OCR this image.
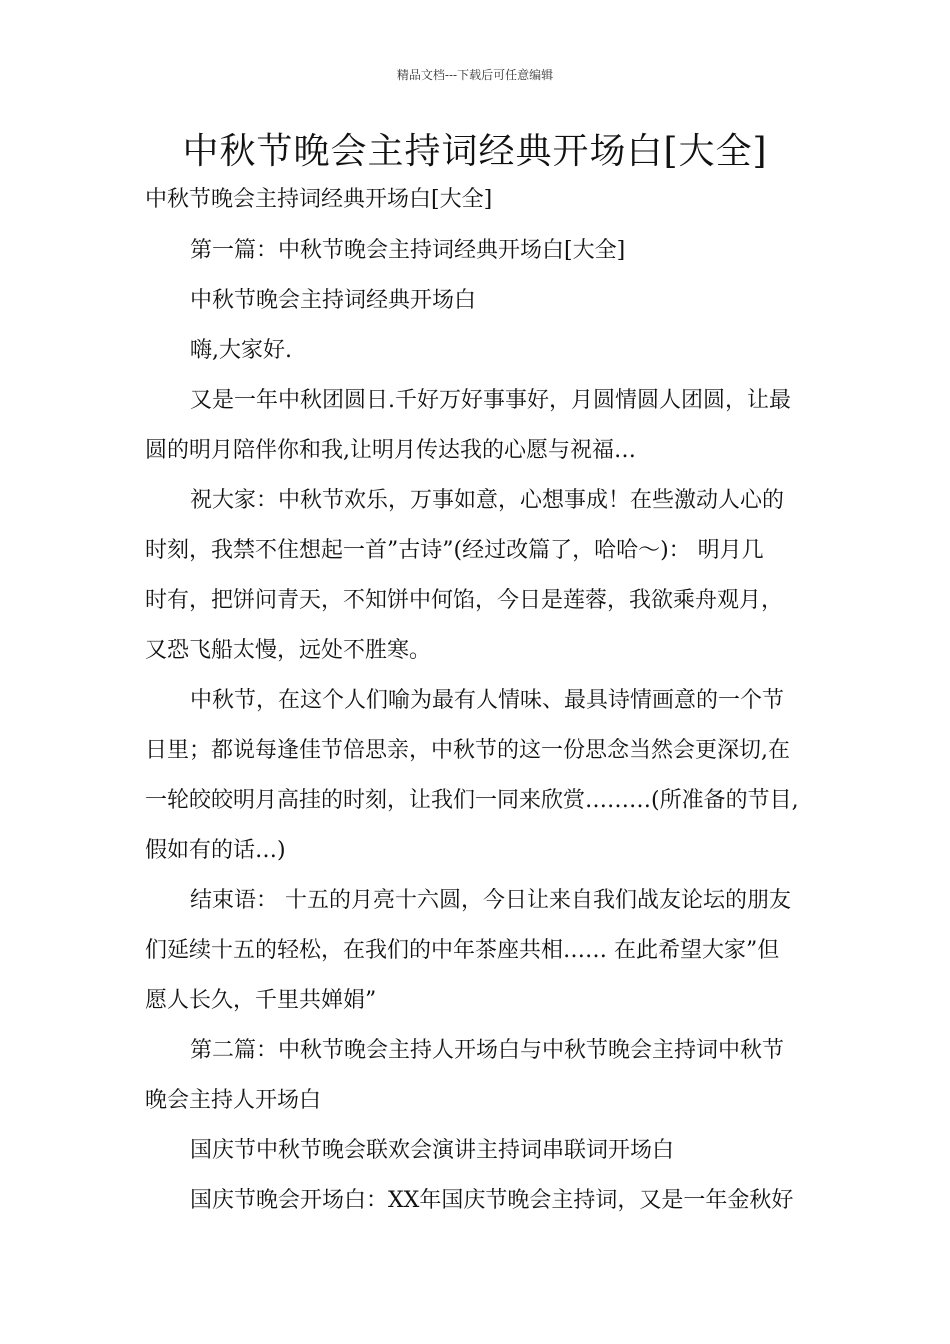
精品文档---下载后可任意编辑
中秋节晚会主持词经典开场白[大全]
中秋节晚会主持词经典开场白[大全]
第一篇：中秋节晚会主持词经典开场白[大全]
中秋节晚会主持词经典开场白
嗨,大家好.
又是一年中秋团圆日.千好万好事事好，月圆情圆人团圆，让最
圆的明月陪伴你和我,让明月传达我的心愿与祝福…
祝大家：中秋节欢乐，万事如意，心想事成！在些激动人心的
时刻，我禁不住想起一首”古诗”(经过改篇了，哈哈～)： 明月几
时有，把饼问青天，不知饼中何馅，今日是莲蓉，我欲乘舟观月，
又恐飞船太慢，远处不胜寒。
中秋节，在这个人们喻为最有人情味、最具诗情画意的一个节
日里；都说每逢佳节倍思亲，中秋节的这一份思念当然会更深切,在
一轮皎皎明月高挂的时刻，让我们一同来欣赏………(所准备的节目,
假如有的话…)
结束语： 十五的月亮十六圆，今日让来自我们战友论坛的朋友
们延续十五的轻松，在我们的中年茶座共相…… 在此希望大家”但
愿人长久，千里共婵娟”
第二篇：中秋节晚会主持人开场白与中秋节晚会主持词中秋节
晚会主持人开场白
国庆节中秋节晚会联欢会演讲主持词串联词开场白
国庆节晚会开场白：XX年国庆节晚会主持词，又是一年金秋好
